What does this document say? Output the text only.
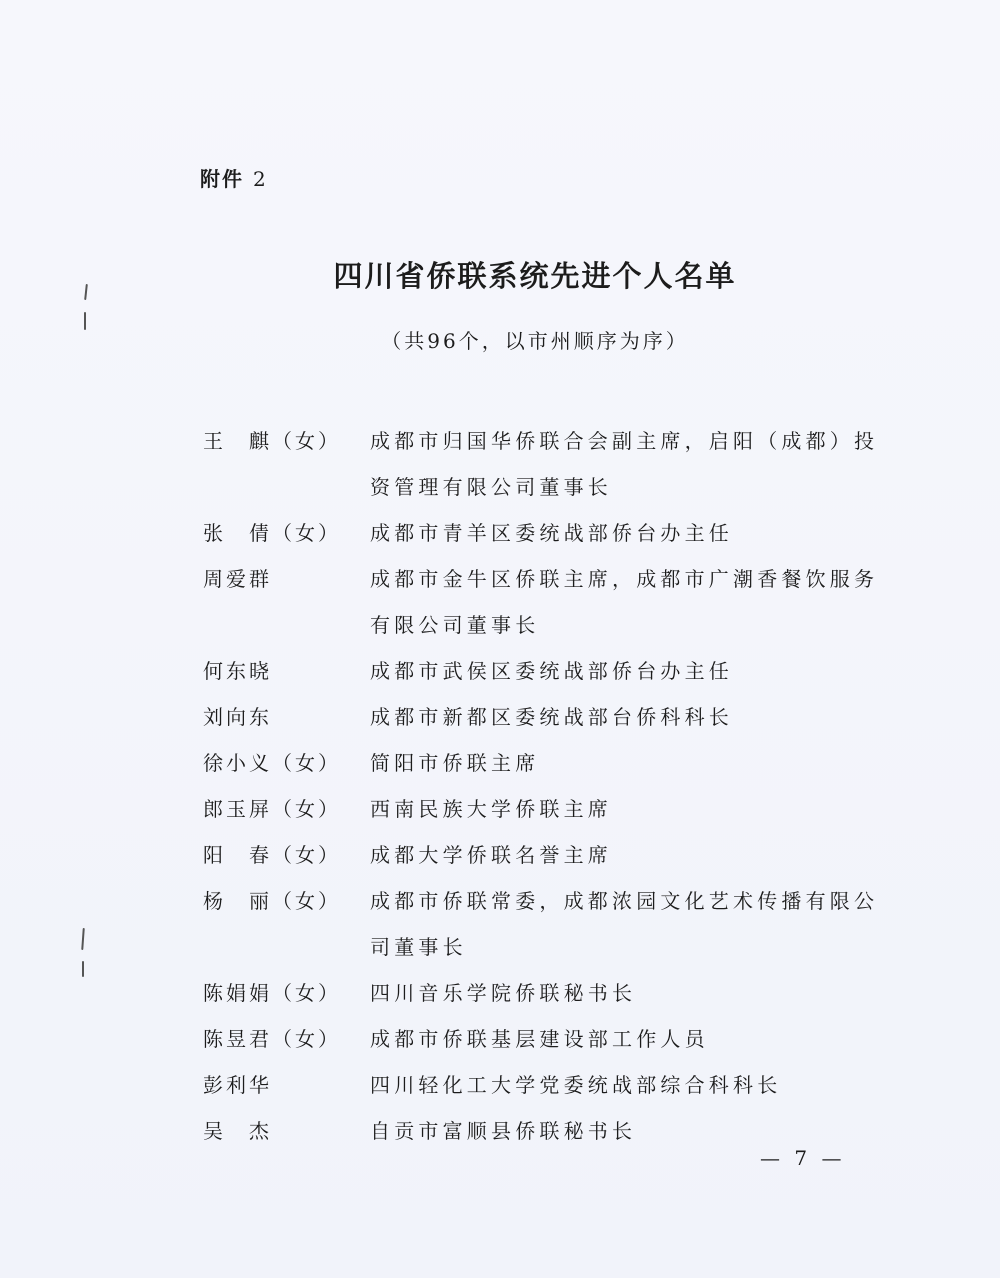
附件 2
四川省侨联系统先进个人名单
（共96个，以市州顺序为序）
王　麒（女）	成都市归国华侨联合会副主席，启阳（成都）投资管理有限公司董事长
张　倩（女）	成都市青羊区委统战部侨台办主任
周爱群	成都市金牛区侨联主席，成都市广潮香餐饮服务有限公司董事长
何东晓	成都市武侯区委统战部侨台办主任
刘向东	成都市新都区委统战部台侨科科长
徐小义（女）	简阳市侨联主席
郎玉屏（女）	西南民族大学侨联主席
阳　春（女）	成都大学侨联名誉主席
杨　丽（女）	成都市侨联常委，成都浓园文化艺术传播有限公司董事长
陈娟娟（女）	四川音乐学院侨联秘书长
陈昱君（女）	成都市侨联基层建设部工作人员
彭利华	四川轻化工大学党委统战部综合科科长
吴　杰	自贡市富顺县侨联秘书长
— 7 —
